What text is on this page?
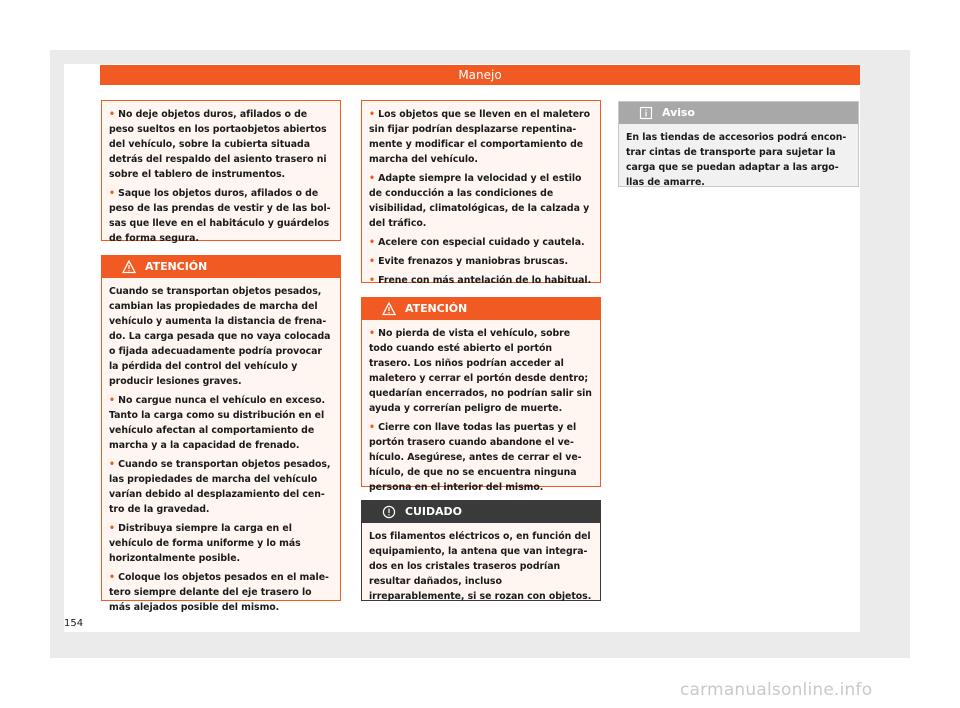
Manejo

• No deje objetos duros, afilados o de peso sueltos en los portaobjetos abiertos del vehículo, sobre la cubierta situada detrás del respaldo del asiento trasero ni sobre el tablero de instrumentos.

• Saque los objetos duros, afilados o de peso de las prendas de vestir y de las bolsas que lleve en el habitáculo y guárdelos de forma segura.

ATENCIÓN

Cuando se transportan objetos pesados, cambian las propiedades de marcha del vehículo y aumenta la distancia de frenado. La carga pesada que no vaya colocada o fijada adecuadamente podría provocar la pérdida del control del vehículo y producir lesiones graves.

• No cargue nunca el vehículo en exceso. Tanto la carga como su distribución en el vehículo afectan al comportamiento de marcha y a la capacidad de frenado.

• Cuando se transportan objetos pesados, las propiedades de marcha del vehículo varían debido al desplazamiento del centro de la gravedad.

• Distribuya siempre la carga en el vehículo de forma uniforme y lo más horizontalmente posible.

• Coloque los objetos pesados en el maletero siempre delante del eje trasero lo más alejados posible del mismo.

• Los objetos que se lleven en el maletero sin fijar podrían desplazarse repentinamente y modificar el comportamiento de marcha del vehículo.

• Adapte siempre la velocidad y el estilo de conducción a las condiciones de visibilidad, climatológicas, de la calzada y del tráfico.

• Acelere con especial cuidado y cautela.

• Evite frenazos y maniobras bruscas.

• Frene con más antelación de lo habitual.

ATENCIÓN

• No pierda de vista el vehículo, sobre todo cuando esté abierto el portón trasero. Los niños podrían acceder al maletero y cerrar el portón desde dentro; quedarían encerrados, no podrían salir sin ayuda y correrían peligro de muerte.

• Cierre con llave todas las puertas y el portón trasero cuando abandone el vehículo. Asegúrese, antes de cerrar el vehículo, de que no se encuentra ninguna persona en el interior del mismo.

CUIDADO

Los filamentos eléctricos o, en función del equipamiento, la antena que van integrados en los cristales traseros podrían resultar dañados, incluso irreparablemente, si se rozan con objetos.

Aviso

En las tiendas de accesorios podrá encontrar cintas de transporte para sujetar la carga que se puedan adaptar a las argollas de amarre.

154
carmanualsonline.info
